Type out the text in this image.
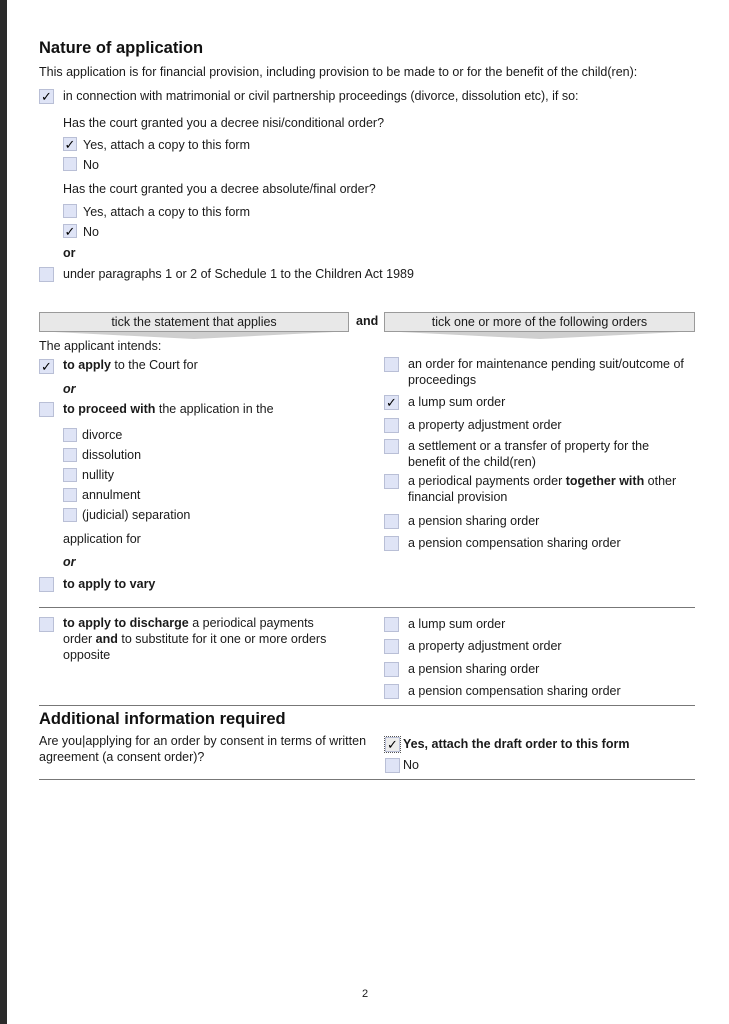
Nature of application
This application is for financial provision, including provision to be made to or for the benefit of the child(ren):
✓ in connection with matrimonial or civil partnership proceedings (divorce, dissolution etc), if so:
Has the court granted you a decree nisi/conditional order?
✓ Yes, attach a copy to this form
No
Has the court granted you a decree absolute/final order?
Yes, attach a copy to this form
✓ No
or
under paragraphs 1 or 2 of Schedule 1 to the Children Act 1989
tick the statement that applies	and	tick one or more of the following orders
The applicant intends:
✓ to apply to the Court for
or
to proceed with the application in the
divorce
dissolution
nullity
annulment
(judicial) separation
application for
or
to apply to vary
an order for maintenance pending suit/outcome of
proceedings
✓ a lump sum order
a property adjustment order
a settlement or a transfer of property for the
benefit of the child(ren)
a periodical payments order together with other
financial provision
a pension sharing order
a pension compensation sharing order
to apply to discharge a periodical payments
order and to substitute for it one or more orders
opposite
a lump sum order
a property adjustment order
a pension sharing order
a pension compensation sharing order
Additional information required
Are you|applying for an order by consent in terms of written
agreement (a consent order)?
✓ Yes, attach the draft order to this form
No
2
